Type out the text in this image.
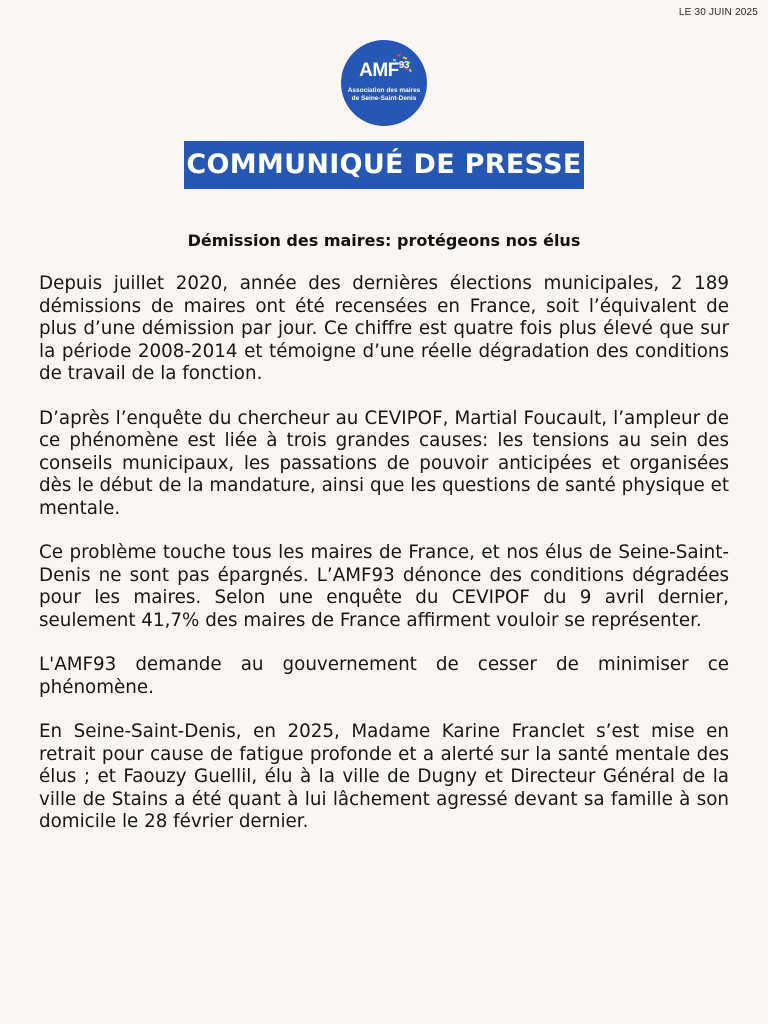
LE 30 JUIN 2025
AMF$^{93}$
Association des maires
de Seine-Saint-Denis
COMMUNIQUÉ DE PRESSE
Démission des maires: protégeons nos élus

Depuis juillet 2020, année des dernières élections municipales, 2 189 démissions de maires ont été recensées en France, soit l’équivalent de plus d’une démission par jour. Ce chiffre est quatre fois plus élevé que sur la période 2008-2014 et témoigne d’une réelle dégradation des conditions de travail de la fonction.

D’après l’enquête du chercheur au CEVIPOF, Martial Foucault, l’ampleur de ce phénomène est liée à trois grandes causes: les tensions au sein des conseils municipaux, les passations de pouvoir anticipées et organisées dès le début de la mandature, ainsi que les questions de santé physique et mentale.

Ce problème touche tous les maires de France, et nos élus de Seine-Saint-Denis ne sont pas épargnés. L’AMF93 dénonce des conditions dégradées pour les maires. Selon une enquête du CEVIPOF du 9 avril dernier, seulement 41,7% des maires de France affirment vouloir se représenter.

L'AMF93 demande au gouvernement de cesser de minimiser ce phénomène.

En Seine-Saint-Denis, en 2025, Madame Karine Franclet s’est mise en retrait pour cause de fatigue profonde et a alerté sur la santé mentale des élus ; et Faouzy Guellil, élu à la ville de Dugny et Directeur Général de la ville de Stains a été quant à lui lâchement agressé devant sa famille à son domicile le 28 février dernier.
